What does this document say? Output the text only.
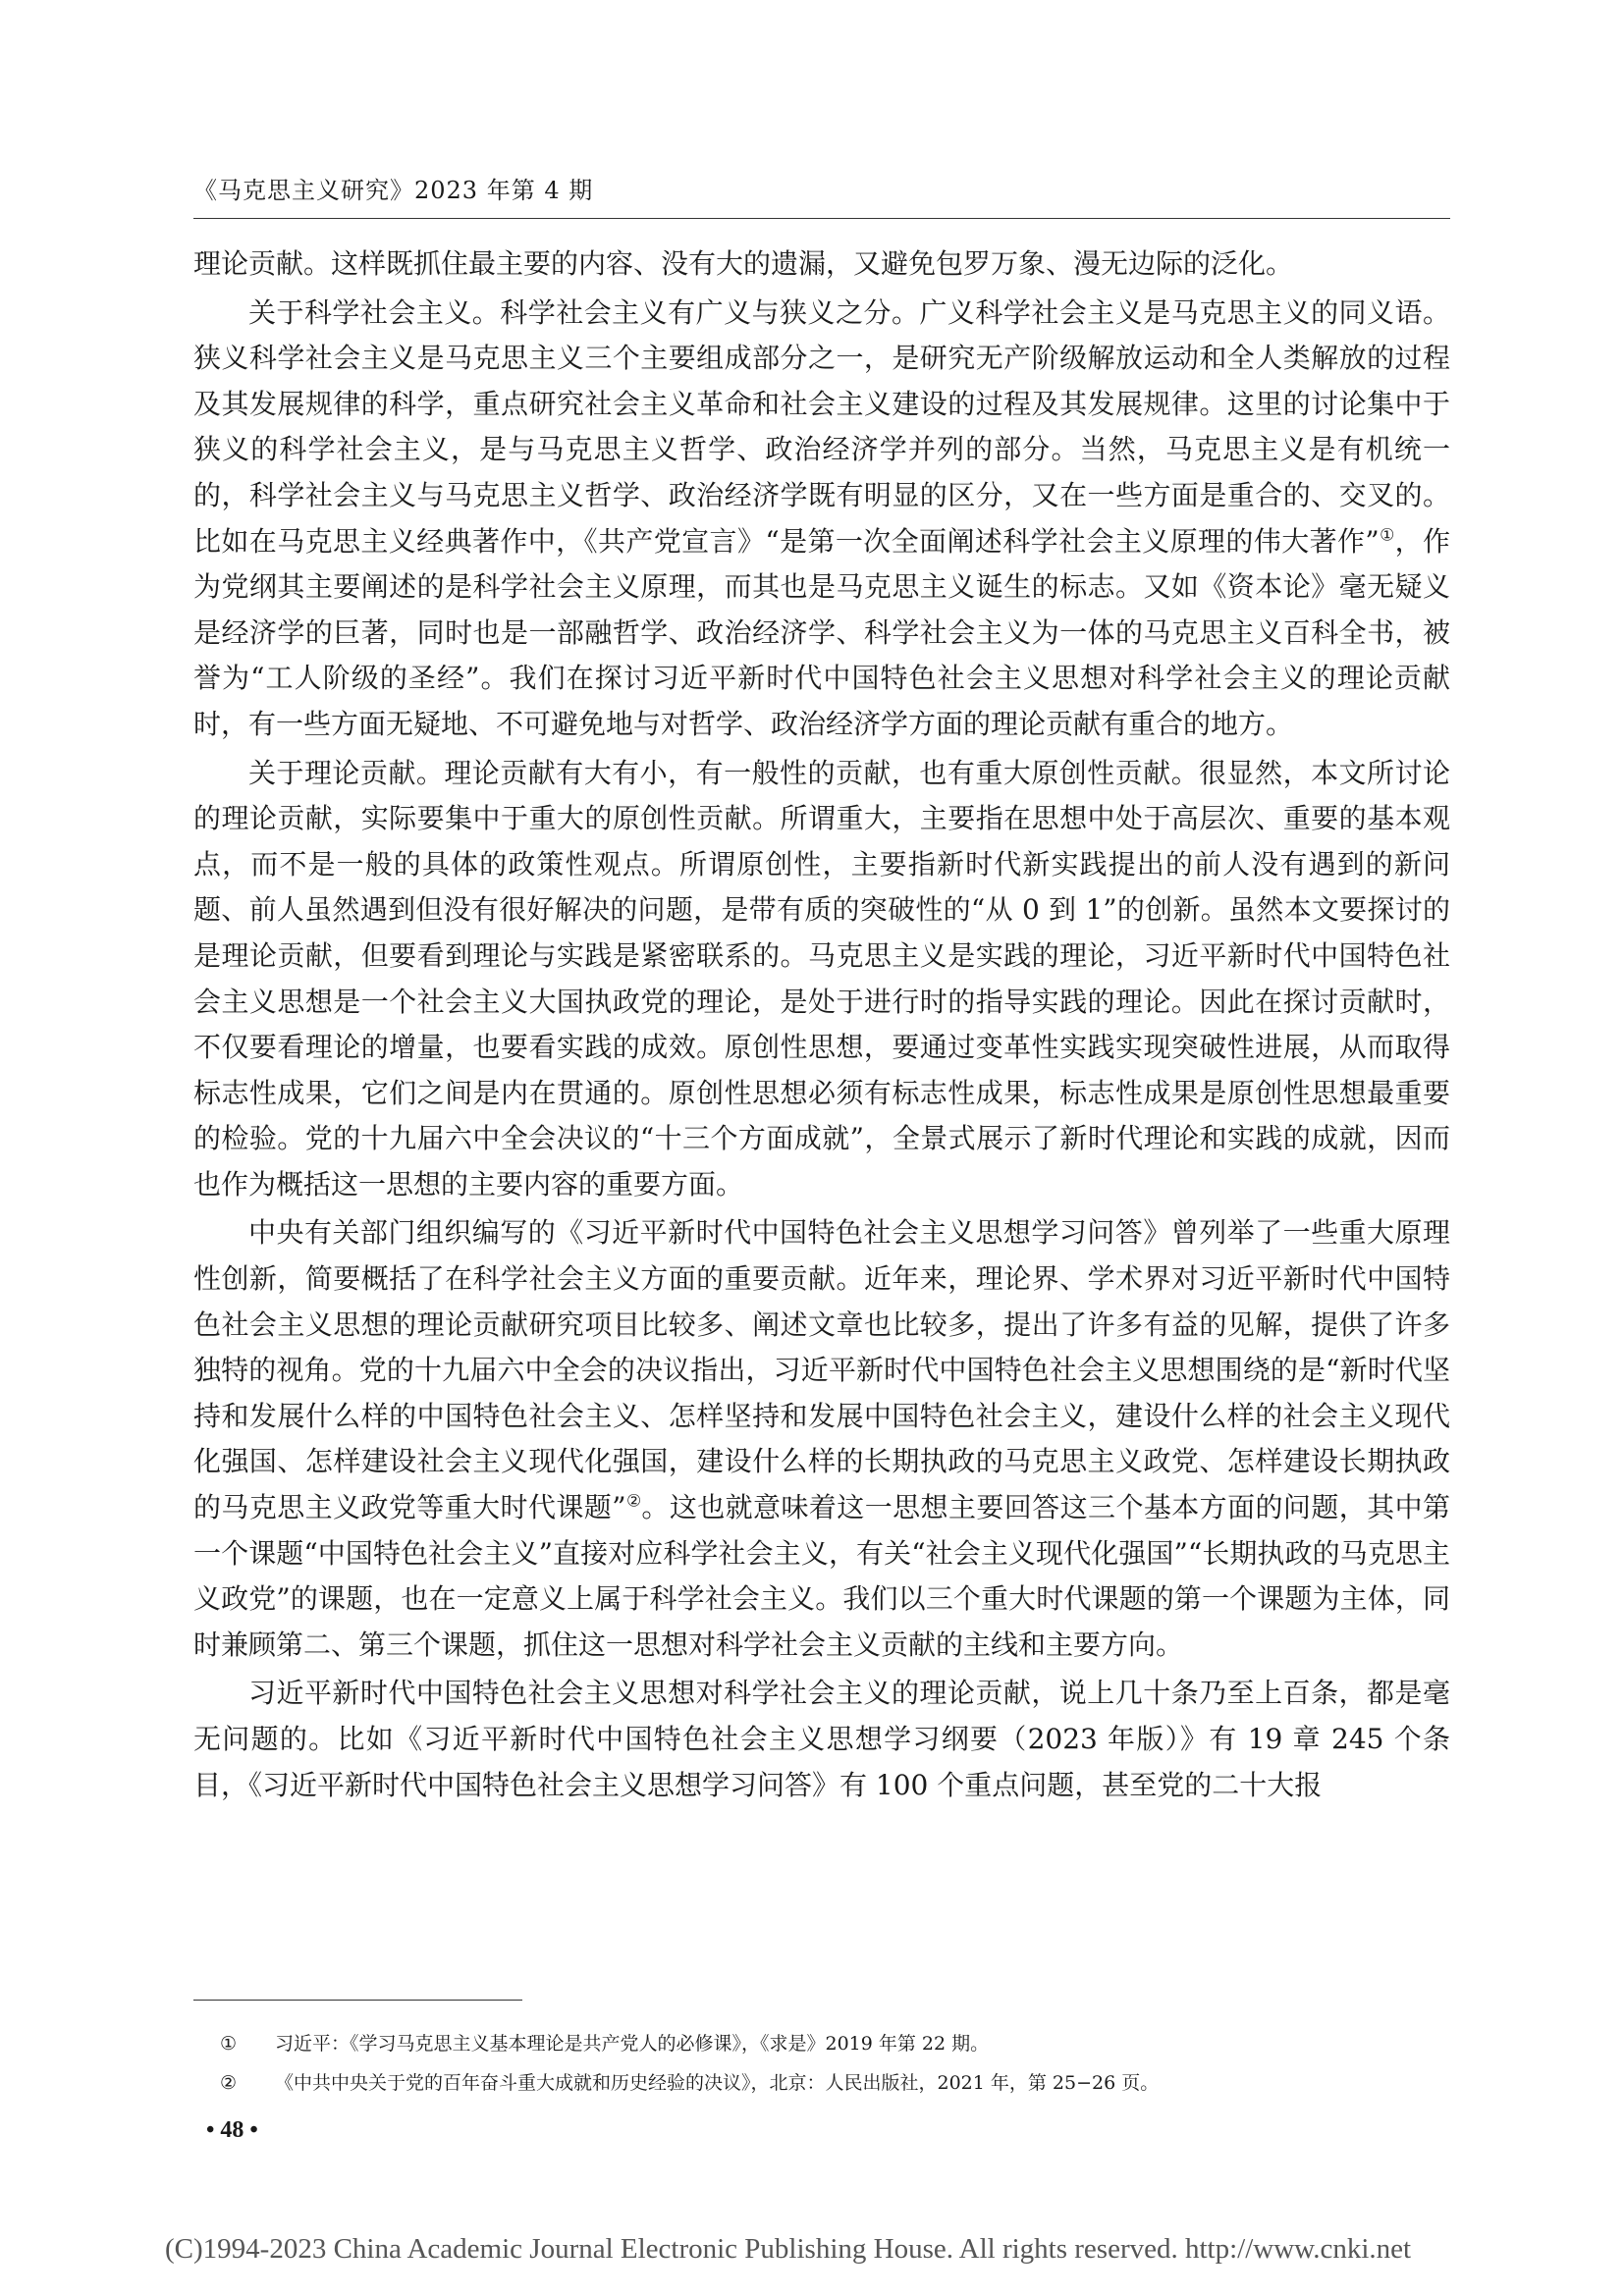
《马克思主义研究》2023 年第 4 期

理论贡献。这样既抓住最主要的内容、没有大的遗漏，又避免包罗万象、漫无边际的泛化。

关于科学社会主义。科学社会主义有广义与狭义之分。广义科学社会主义是马克思主义的同义语。狭义科学社会主义是马克思主义三个主要组成部分之一，是研究无产阶级解放运动和全人类解放的过程及其发展规律的科学，重点研究社会主义革命和社会主义建设的过程及其发展规律。这里的讨论集中于狭义的科学社会主义，是与马克思主义哲学、政治经济学并列的部分。当然，马克思主义是有机统一的，科学社会主义与马克思主义哲学、政治经济学既有明显的区分，又在一些方面是重合的、交叉的。比如在马克思主义经典著作中，《共产党宣言》“是第一次全面阐述科学社会主义原理的伟大著作”①，作为党纲其主要阐述的是科学社会主义原理，而其也是马克思主义诞生的标志。又如《资本论》毫无疑义是经济学的巨著，同时也是一部融哲学、政治经济学、科学社会主义为一体的马克思主义百科全书，被誉为“工人阶级的圣经”。我们在探讨习近平新时代中国特色社会主义思想对科学社会主义的理论贡献时，有一些方面无疑地、不可避免地与对哲学、政治经济学方面的理论贡献有重合的地方。

关于理论贡献。理论贡献有大有小，有一般性的贡献，也有重大原创性贡献。很显然，本文所讨论的理论贡献，实际要集中于重大的原创性贡献。所谓重大，主要指在思想中处于高层次、重要的基本观点，而不是一般的具体的政策性观点。所谓原创性，主要指新时代新实践提出的前人没有遇到的新问题、前人虽然遇到但没有很好解决的问题，是带有质的突破性的“从 0 到 1”的创新。虽然本文要探讨的是理论贡献，但要看到理论与实践是紧密联系的。马克思主义是实践的理论，习近平新时代中国特色社会主义思想是一个社会主义大国执政党的理论，是处于进行时的指导实践的理论。因此在探讨贡献时，不仅要看理论的增量，也要看实践的成效。原创性思想，要通过变革性实践实现突破性进展，从而取得标志性成果，它们之间是内在贯通的。原创性思想必须有标志性成果，标志性成果是原创性思想最重要的检验。党的十九届六中全会决议的“十三个方面成就”，全景式展示了新时代理论和实践的成就，因而也作为概括这一思想的主要内容的重要方面。

中央有关部门组织编写的《习近平新时代中国特色社会主义思想学习问答》曾列举了一些重大原理性创新，简要概括了在科学社会主义方面的重要贡献。近年来，理论界、学术界对习近平新时代中国特色社会主义思想的理论贡献研究项目比较多、阐述文章也比较多，提出了许多有益的见解，提供了许多独特的视角。党的十九届六中全会的决议指出，习近平新时代中国特色社会主义思想围绕的是“新时代坚持和发展什么样的中国特色社会主义、怎样坚持和发展中国特色社会主义，建设什么样的社会主义现代化强国、怎样建设社会主义现代化强国，建设什么样的长期执政的马克思主义政党、怎样建设长期执政的马克思主义政党等重大时代课题”②。这也就意味着这一思想主要回答这三个基本方面的问题，其中第一个课题“中国特色社会主义”直接对应科学社会主义，有关“社会主义现代化强国”“长期执政的马克思主义政党”的课题，也在一定意义上属于科学社会主义。我们以三个重大时代课题的第一个课题为主体，同时兼顾第二、第三个课题，抓住这一思想对科学社会主义贡献的主线和主要方向。

习近平新时代中国特色社会主义思想对科学社会主义的理论贡献，说上几十条乃至上百条，都是毫无问题的。比如《习近平新时代中国特色社会主义思想学习纲要（2023 年版）》有 19 章 245 个条目，《习近平新时代中国特色社会主义思想学习问答》有 100 个重点问题，甚至党的二十大报

① 习近平：《学习马克思主义基本理论是共产党人的必修课》，《求是》2019 年第 22 期。
② 《中共中央关于党的百年奋斗重大成就和历史经验的决议》，北京：人民出版社，2021 年，第 25−26 页。
• 48 •
(C)1994-2023 China Academic Journal Electronic Publishing House. All rights reserved. http://www.cnki.net
